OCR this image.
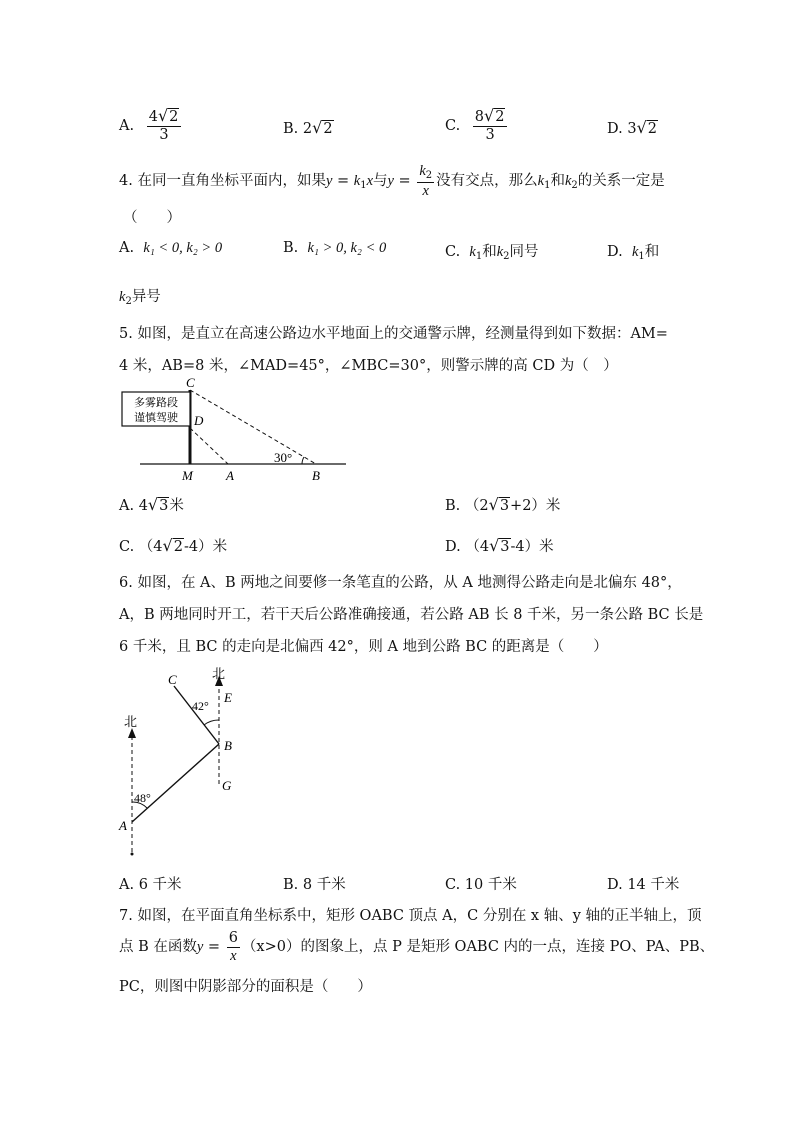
A. $\frac{4 √ 2}{3}$	B. 2 √ 2	C. $\frac{8 √ 2}{3}$	D. 3 √ 2
4. 在同一直角坐标平面内，如果$y = k_1x$与$y = \frac{k_2}{x}$ 没有交点，那么$k_1$和$k_2$的关系一定是
（　　）
A. k₁ < 0, k₂ > 0	B. k₁ > 0, k₂ < 0	C. $k_1$和$k_2$同号	D. $k_1$和
$k_2$异号
5. 如图，是直立在高速公路边水平地面上的交通警示牌，经测量得到如下数据：AM=
4 米，AB=8 米，∠MAD=45°，∠MBC=30°，则警示牌的高 CD 为（　）
多雾路段
谨慎驾驶
30°
C
D
M	A	B
A. 4 √ 3 米	B. （2 √ 3 +2）米
C. （4 √ 2 -4）米	D. （4 √ 3 -4）米
6. 如图，在 A、B 两地之间要修一条笔直的公路，从 A 地测得公路走向是北偏东 48°，
A，B 两地同时开工，若干天后公路准确接通，若公路 AB 长 8 千米，另一条公路 BC 长是
6 千米，且 BC 的走向是北偏西 42°，则 A 地到公路 BC 的距离是（　　）
北
北
48°
42°
C
E
B
G
A
A. 6 千米	B. 8 千米	C. 10 千米	D. 14 千米
7. 如图，在平面直角坐标系中，矩形 OABC 顶点 A，C 分别在 x 轴、y 轴的正半轴上，顶
点 B 在函数$y = \frac{6}{x} (x>0)$的图象上，点 P 是矩形 OABC 内的一点，连接 PO、PA、PB、
PC，则图中阴影部分的面积是（　　）
